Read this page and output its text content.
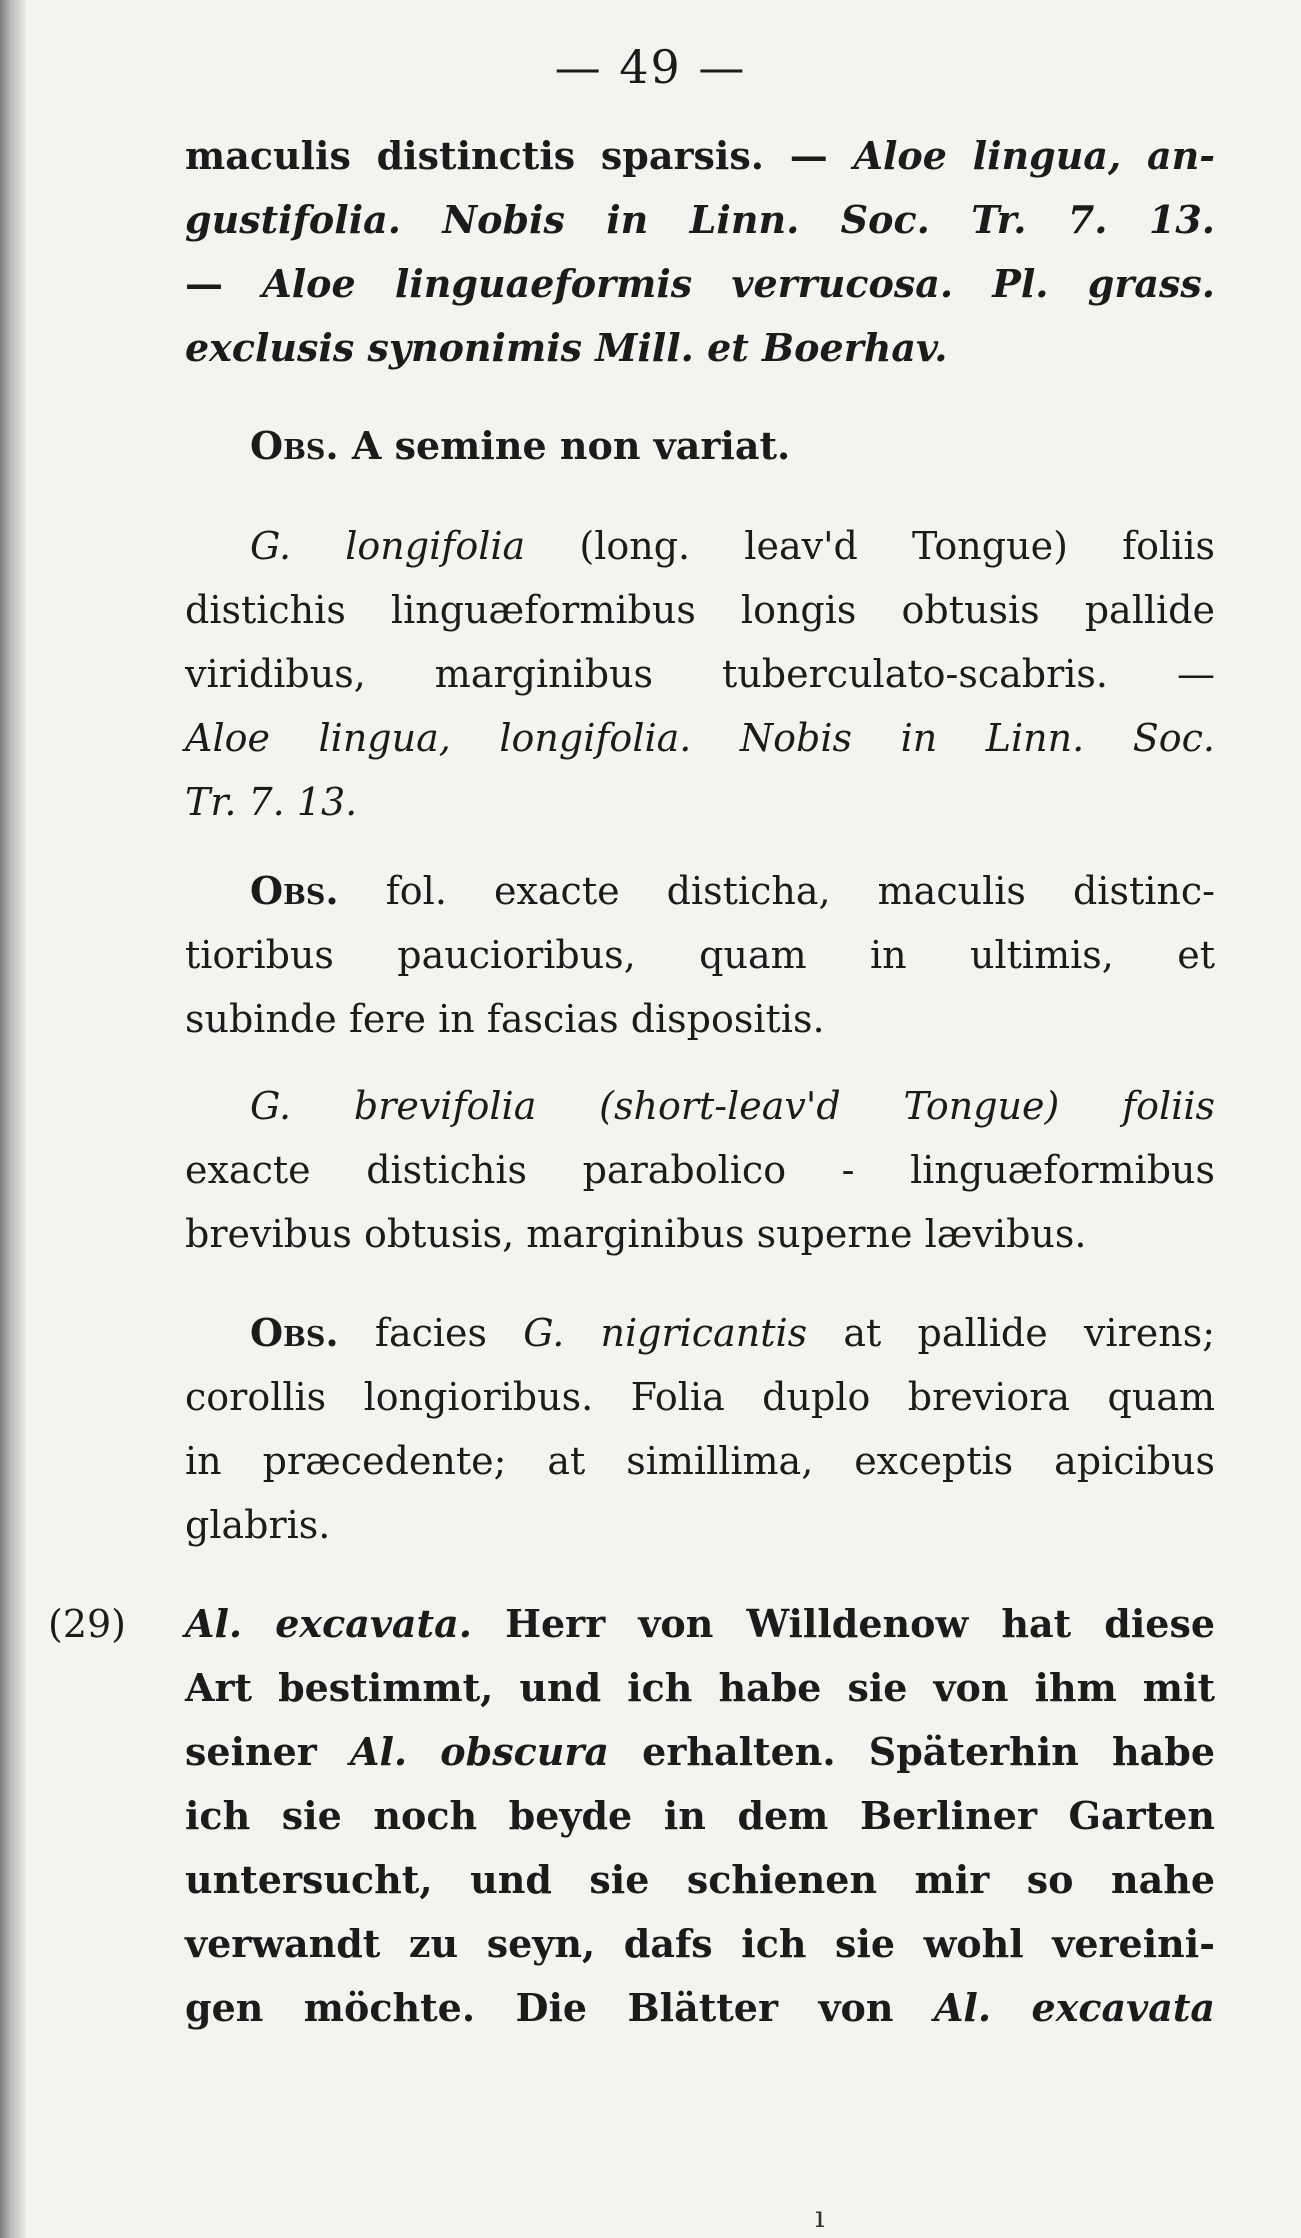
— 49 —
maculis distinctis sparsis. — Aloe lingua, an-
gustifolia. Nobis in Linn. Soc. Tr. 7. 13.
— Aloe linguaeformis verrucosa. Pl. grass.
exclusis synonimis Mill. et Boerhav.
Obs. A semine non variat.
G. longifolia (long. leav'd Tongue) foliis
distichis linguæformibus longis obtusis pallide
viridibus, marginibus tuberculato-scabris. —
Aloe lingua, longifolia. Nobis in Linn. Soc.
Tr. 7. 13.
Obs. fol. exacte disticha, maculis distinc-
tioribus paucioribus, quam in ultimis, et
subinde fere in fascias dispositis.
G. brevifolia (short-leav'd Tongue) foliis
exacte distichis parabolico - linguæformibus
brevibus obtusis, marginibus superne lævibus.
Obs. facies G. nigricantis at pallide virens;
corollis longioribus. Folia duplo breviora quam
in præcedente; at simillima, exceptis apicibus
glabris.
(29) Al. excavata. Herr von Willdenow hat diese
Art bestimmt, und ich habe sie von ihm mit
seiner Al. obscura erhalten. Späterhin habe
ich sie noch beyde in dem Berliner Garten
untersucht, und sie schienen mir so nahe
verwandt zu seyn, dafs ich sie wohl vereini-
gen möchte. Die Blätter von Al. excavata
ı
